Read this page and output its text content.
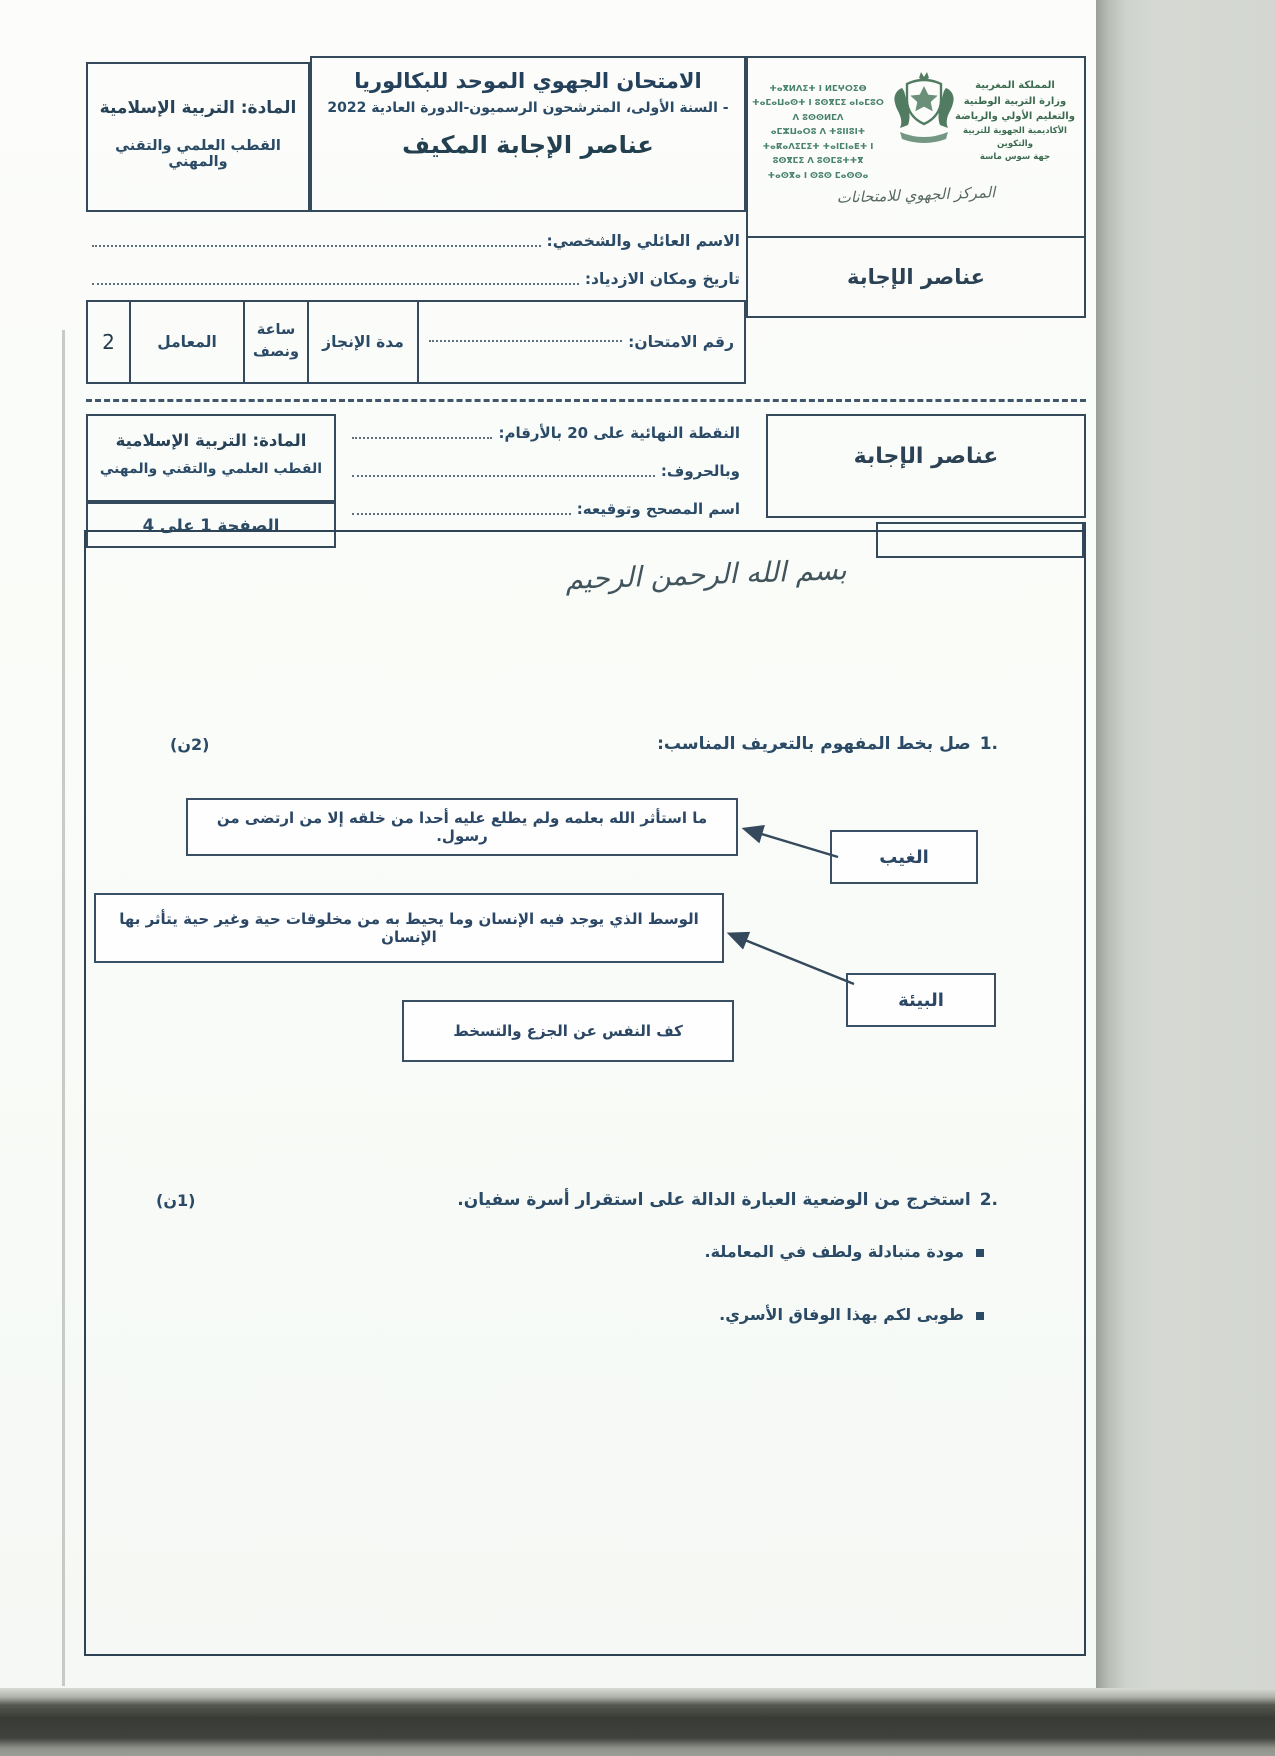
المادة: التربية الإسلامية
القطب العلمي والتقني والمهني
الامتحان الجهوي الموحد للبكالوريا
- السنة الأولى، المترشحون الرسميون-الدورة العادية 2022
عناصر الإجابة المكيف
المملكة المغربية
وزارة التربية الوطنية
والتعليم الأولي والرياضة
الأكاديمية الجهوية للتربية والتكوين
جهة سوس ماسة
ⵜⴰⴳⵍⴷⵉⵜ ⵏ ⵍⵎⵖⵔⵉⴱ
ⵜⴰⵎⴰⵡⴰⵙⵜ ⵏ ⵓⵙⴳⵎⵉ ⴰⵏⴰⵎⵓⵔ ⴷ ⵓⵙⵙⵍⵎⴷ
ⴰⵎⵣⵡⴰⵔⵓ ⴷ ⵜⵓⵏⵏⵓⵏⵜ
ⵜⴰⴽⴰⴷⵉⵎⵉⵜ ⵜⴰⵏⵎⵏⴰⴹⵜ ⵏ ⵓⵙⴳⵎⵉ ⴷ ⵓⵙⵎⵓⵜⵜⴳ
ⵜⴰⵙⴳⴰ ⵏ ⵙⵓⵙ ⵎⴰⵙⵙⴰ
المركز الجهوي للامتحانات
عناصر الإجابة
الاسم العائلي والشخصي:
تاريخ ومكان الازدياد:
رقم الامتحان:
مدة الإنجاز
ساعة
ونصف
المعامل
2
المادة: التربية الإسلامية
القطب العلمي والتقني والمهني
الصفحة 1 على 4
النقطة النهائية على 20 بالأرقام:
وبالحروف:
اسم المصحح وتوقيعه:
عناصر الإجابة
بسم الله الرحمن الرحيم
1.
صل بخط المفهوم بالتعريف المناسب:
(2ن)
ما استأثر الله بعلمه ولم يطلع عليه أحدا من خلقه إلا من ارتضى من رسول.
الغيب
الوسط الذي يوجد فيه الإنسان وما يحيط به من مخلوقات حية وغير حية يتأثر بها الإنسان
البيئة
كف النفس عن الجزع والتسخط
2.
استخرج من الوضعية العبارة الدالة على استقرار أسرة سفيان.
(1ن)
مودة متبادلة ولطف في المعاملة.
طوبى لكم بهذا الوفاق الأسري.
